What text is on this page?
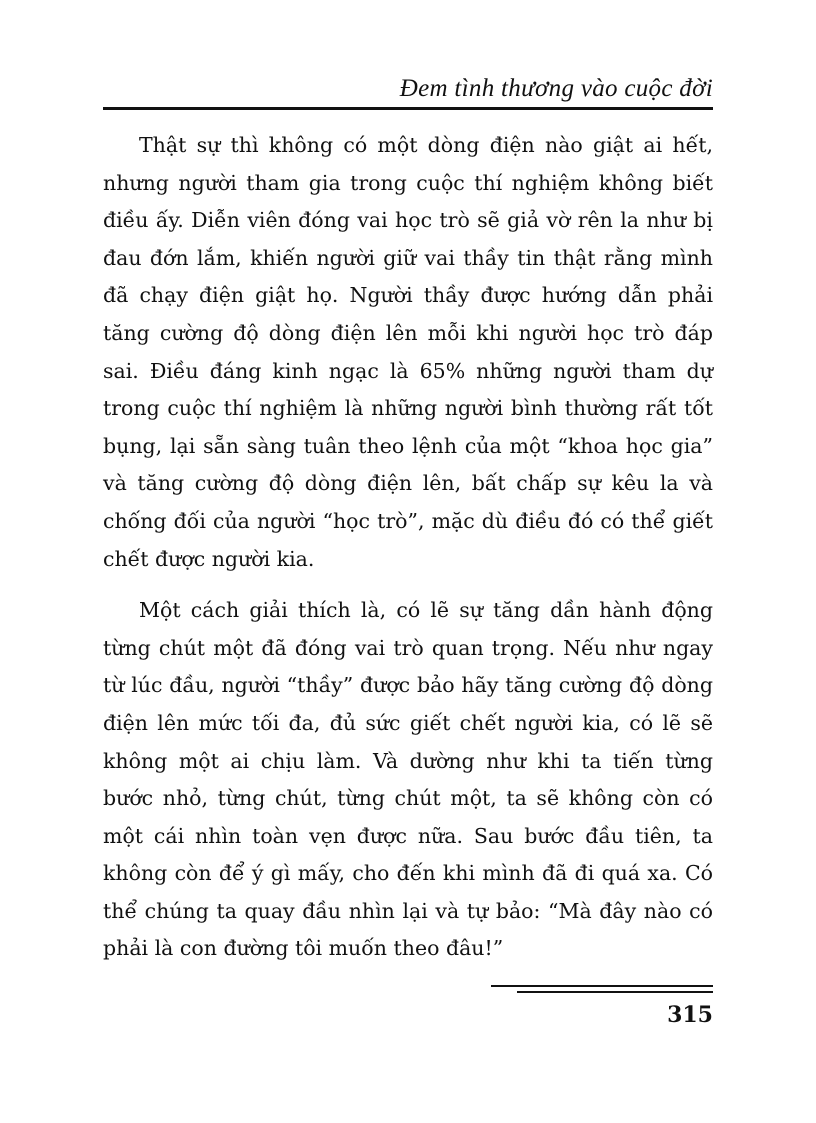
Đem tình thương vào cuộc đời

Thật sự thì không có một dòng điện nào giật ai hết, nhưng người tham gia trong cuộc thí nghiệm không biết điều ấy. Diễn viên đóng vai học trò sẽ giả vờ rên la như bị đau đớn lắm, khiến người giữ vai thầy tin thật rằng mình đã chạy điện giật họ. Người thầy được hướng dẫn phải tăng cường độ dòng điện lên mỗi khi người học trò đáp sai. Điều đáng kinh ngạc là 65% những người tham dự trong cuộc thí nghiệm là những người bình thường rất tốt bụng, lại sẵn sàng tuân theo lệnh của một “khoa học gia” và tăng cường độ dòng điện lên, bất chấp sự kêu la và chống đối của người “học trò”, mặc dù điều đó có thể giết chết được người kia.

Một cách giải thích là, có lẽ sự tăng dần hành động từng chút một đã đóng vai trò quan trọng. Nếu như ngay từ lúc đầu, người “thầy” được bảo hãy tăng cường độ dòng điện lên mức tối đa, đủ sức giết chết người kia, có lẽ sẽ không một ai chịu làm. Và dường như khi ta tiến từng bước nhỏ, từng chút, từng chút một, ta sẽ không còn có một cái nhìn toàn vẹn được nữa. Sau bước đầu tiên, ta không còn để ý gì mấy, cho đến khi mình đã đi quá xa. Có thể chúng ta quay đầu nhìn lại và tự bảo: “Mà đây nào có phải là con đường tôi muốn theo đâu!”

315
